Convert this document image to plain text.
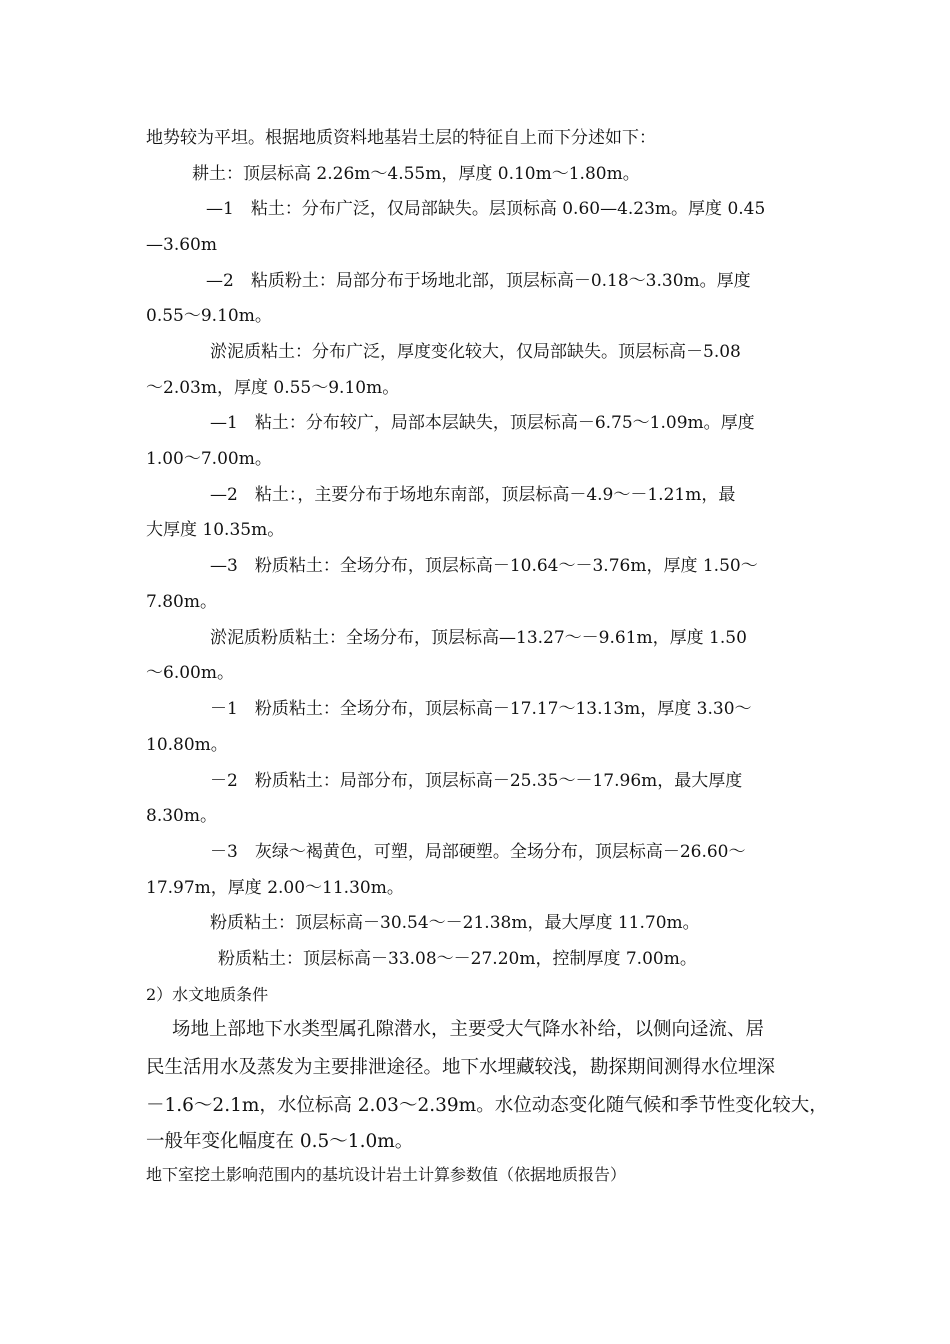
地势较为平坦。根据地质资料地基岩土层的特征自上而下分述如下：
耕土：顶层标高 2.26m～4.55m，厚度 0.10m～1.80m。
—1　粘土：分布广泛，仅局部缺失。层顶标高 0.60—4.23m。厚度 0.45
—3.60m
—2　粘质粉土：局部分布于场地北部，顶层标高－0.18～3.30m。厚度
0.55～9.10m。
淤泥质粘土：分布广泛，厚度变化较大，仅局部缺失。顶层标高－5.08
～2.03m，厚度 0.55～9.10m。
—1　粘土：分布较广，局部本层缺失，顶层标高－6.75～1.09m。厚度
1.00～7.00m。
—2　粘土：，主要分布于场地东南部，顶层标高－4.9～－1.21m，最
大厚度 10.35m。
—3　粉质粘土：全场分布，顶层标高－10.64～－3.76m，厚度 1.50～
7.80m。
淤泥质粉质粘土：全场分布，顶层标高—13.27～－9.61m，厚度 1.50
～6.00m。
－1　粉质粘土：全场分布，顶层标高－17.17～13.13m，厚度 3.30～
10.80m。
－2　粉质粘土：局部分布，顶层标高－25.35～－17.96m，最大厚度
8.30m。
－3　灰绿～褐黄色，可塑，局部硬塑。全场分布，顶层标高－26.60～
17.97m，厚度 2.00～11.30m。
粉质粘土：顶层标高－30.54～－21.38m，最大厚度 11.70m。
粉质粘土：顶层标高－33.08～－27.20m，控制厚度 7.00m。
2）水文地质条件
场地上部地下水类型属孔隙潜水，主要受大气降水补给，以侧向迳流、居
民生活用水及蒸发为主要排泄途径。地下水埋藏较浅，勘探期间测得水位埋深
－1.6～2.1m，水位标高 2.03～2.39m。水位动态变化随气候和季节性变化较大，
一般年变化幅度在 0.5～1.0m。
地下室挖土影响范围内的基坑设计岩土计算参数值（依据地质报告）
